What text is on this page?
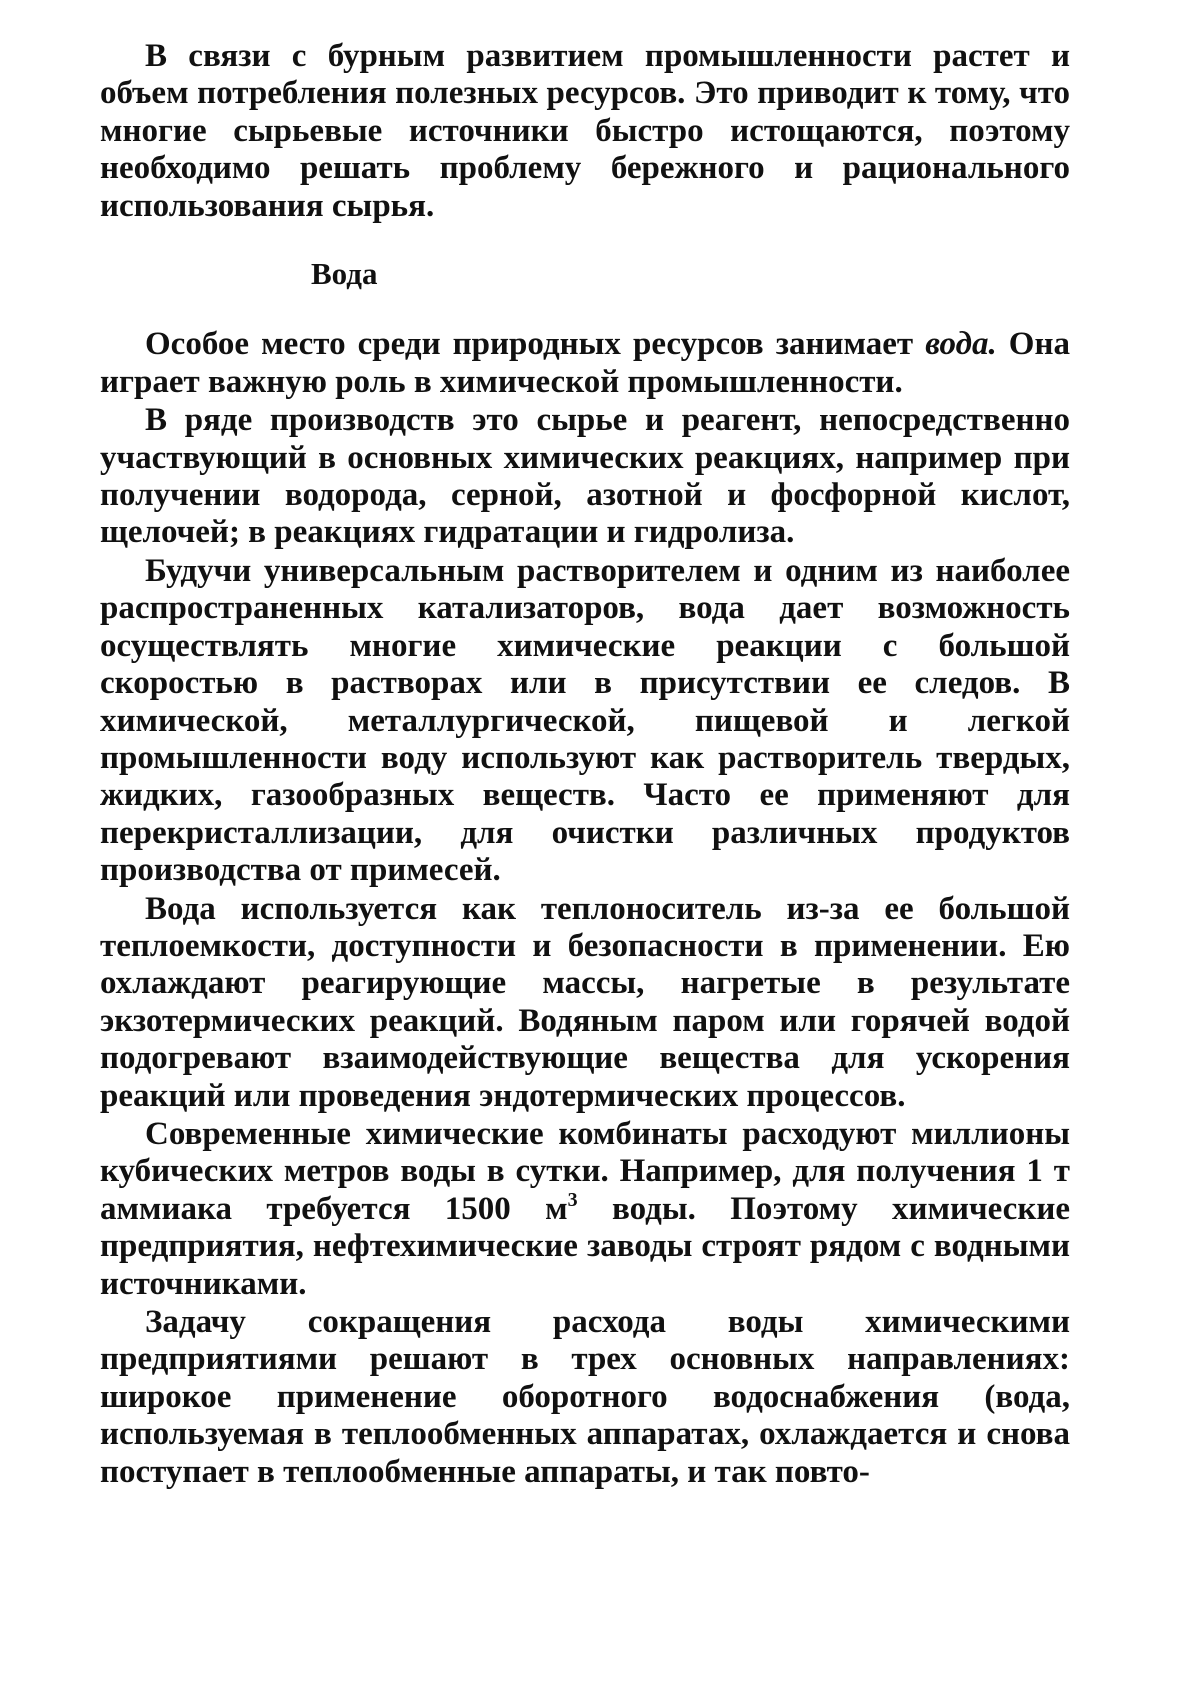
В связи с бурным развитием промышленности растет и объем потребления полезных ресурсов. Это приводит к тому, что многие сырьевые источники быстро истощаются, поэтому необходимо решать проблему бережного и рационального использования сырья.

Вода

Особое место среди природных ресурсов занимает вода. Она играет важную роль в химической промышленности.

В ряде производств это сырье и реагент, непосредственно участвующий в основных химических реакциях, например при получении водорода, серной, азотной и фосфорной кислот, щелочей; в реакциях гидратации и гидролиза.

Будучи универсальным растворителем и одним из наиболее распространенных катализаторов, вода дает возможность осуществлять многие химические реакции с большой скоростью в растворах или в присутствии ее следов. В химической, металлургической, пищевой и легкой промышленности воду используют как растворитель твердых, жидких, газообразных веществ. Часто ее применяют для перекристаллизации, для очистки различных продуктов производства от примесей.

Вода используется как теплоноситель из-за ее большой теплоемкости, доступности и безопасности в применении. Ею охлаждают реагирующие массы, нагретые в результате экзотермических реакций. Водяным паром или горячей водой подогревают взаимодействующие вещества для ускорения реакций или проведения эндотермических процессов.

Современные химические комбинаты расходуют миллионы кубических метров воды в сутки. Например, для получения 1 т аммиака требуется 1500 $м^3$ воды. Поэтому химические предприятия, нефтехимические заводы строят рядом с водными источниками.

Задачу сокращения расхода воды химическими предприятиями решают в трех основных направлениях: широкое применение оборотного водоснабжения (вода, используемая в теплообменных аппаратах, охлаждается и снова поступает в теплообменные аппараты, и так повто-
